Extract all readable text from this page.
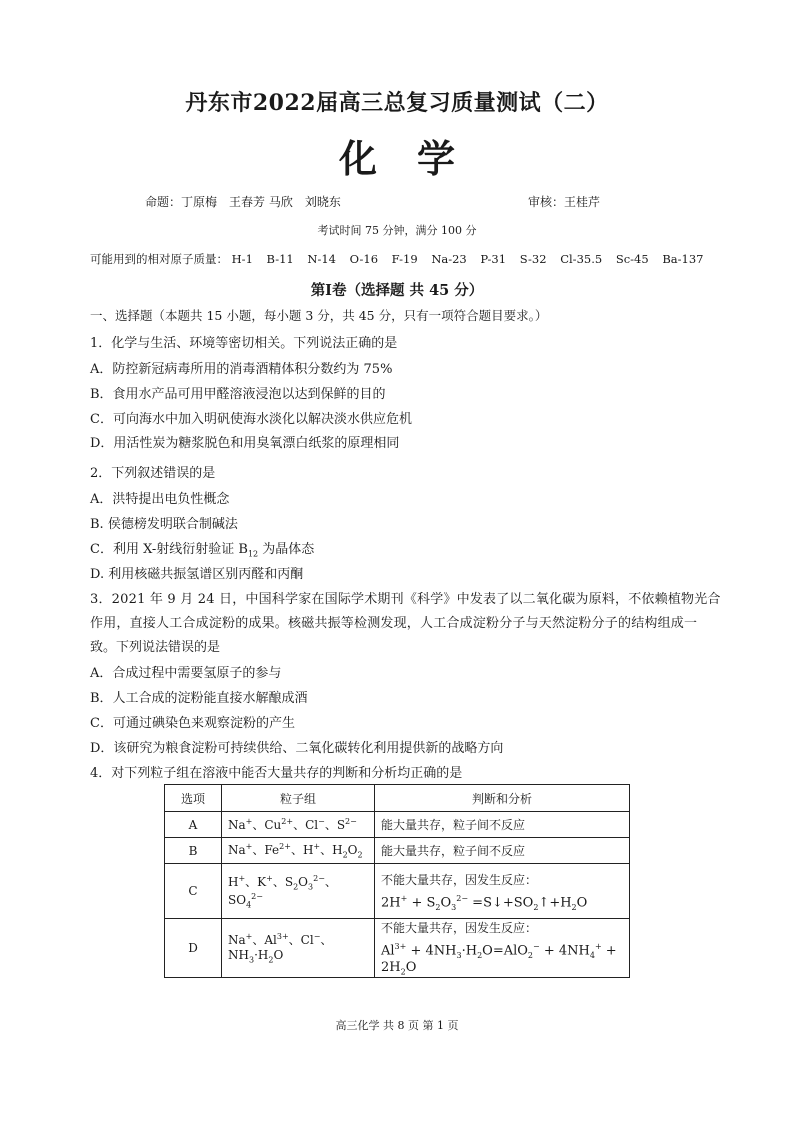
丹东市2022届高三总复习质量测试（二）
化学
命题：丁原梅　王春芳 马欣　刘晓东	审核：王桂芹
考试时间 75 分钟，满分 100 分
可能用到的相对原子质量： H-1 B-11 N-14 O-16 F-19 Na-23 P-31 S-32 Cl-35.5 Sc-45 Ba-137
第Ⅰ卷（选择题 共 45 分）
一、选择题（本题共 15 小题，每小题 3 分，共 45 分，只有一项符合题目要求。）
1．化学与生活、环境等密切相关。下列说法正确的是
A．防控新冠病毒所用的消毒酒精体积分数约为 75%
B．食用水产品可用甲醛溶液浸泡以达到保鲜的目的
C．可向海水中加入明矾使海水淡化以解决淡水供应危机
D．用活性炭为糖浆脱色和用臭氧漂白纸浆的原理相同
2．下列叙述错误的是
A．洪特提出电负性概念
B. 侯德榜发明联合制碱法
C．利用 X-射线衍射验证 $B_{12}$ 为晶体态
D. 利用核磁共振氢谱区别丙醛和丙酮
3．2021 年 9 月 24 日，中国科学家在国际学术期刊《科学》中发表了以二氧化碳为原料，不依赖植物光合
作用，直接人工合成淀粉的成果。核磁共振等检测发现，人工合成淀粉分子与天然淀粉分子的结构组成一
致。下列说法错误的是
A．合成过程中需要氢原子的参与
B．人工合成的淀粉能直接水解酿成酒
C．可通过碘染色来观察淀粉的产生
D．该研究为粮食淀粉可持续供给、二氧化碳转化利用提供新的战略方向
4．对下列粒子组在溶液中能否大量共存的判断和分析均正确的是
选项	粒子组	判断和分析
A	Na+、$Cu^{2+}$、Cl−、$S^{2-}$	能大量共存，粒子间不反应
B	Na+、$Fe^{2+}$、H+、$H_2O_2$	能大量共存，粒子间不反应
C	H+、K+、$S_2O_3^{2-}$、$SO_4^{2-}$	不能大量共存，因发生反应：
$2H^+ + S_2O_3^{2-}$ $=S↓+SO_2↑+H_2O$

D	Na+、$Al^{3+}$、Cl−、$NH_3\cdot H_2O$	不能大量共存，因发生反应：
$Al^{3+} + 4NH_3\cdot H_2O=AlO_2^- + 4NH_4^+ + 2H_2O$
高三化学 共 8 页 第 1 页
